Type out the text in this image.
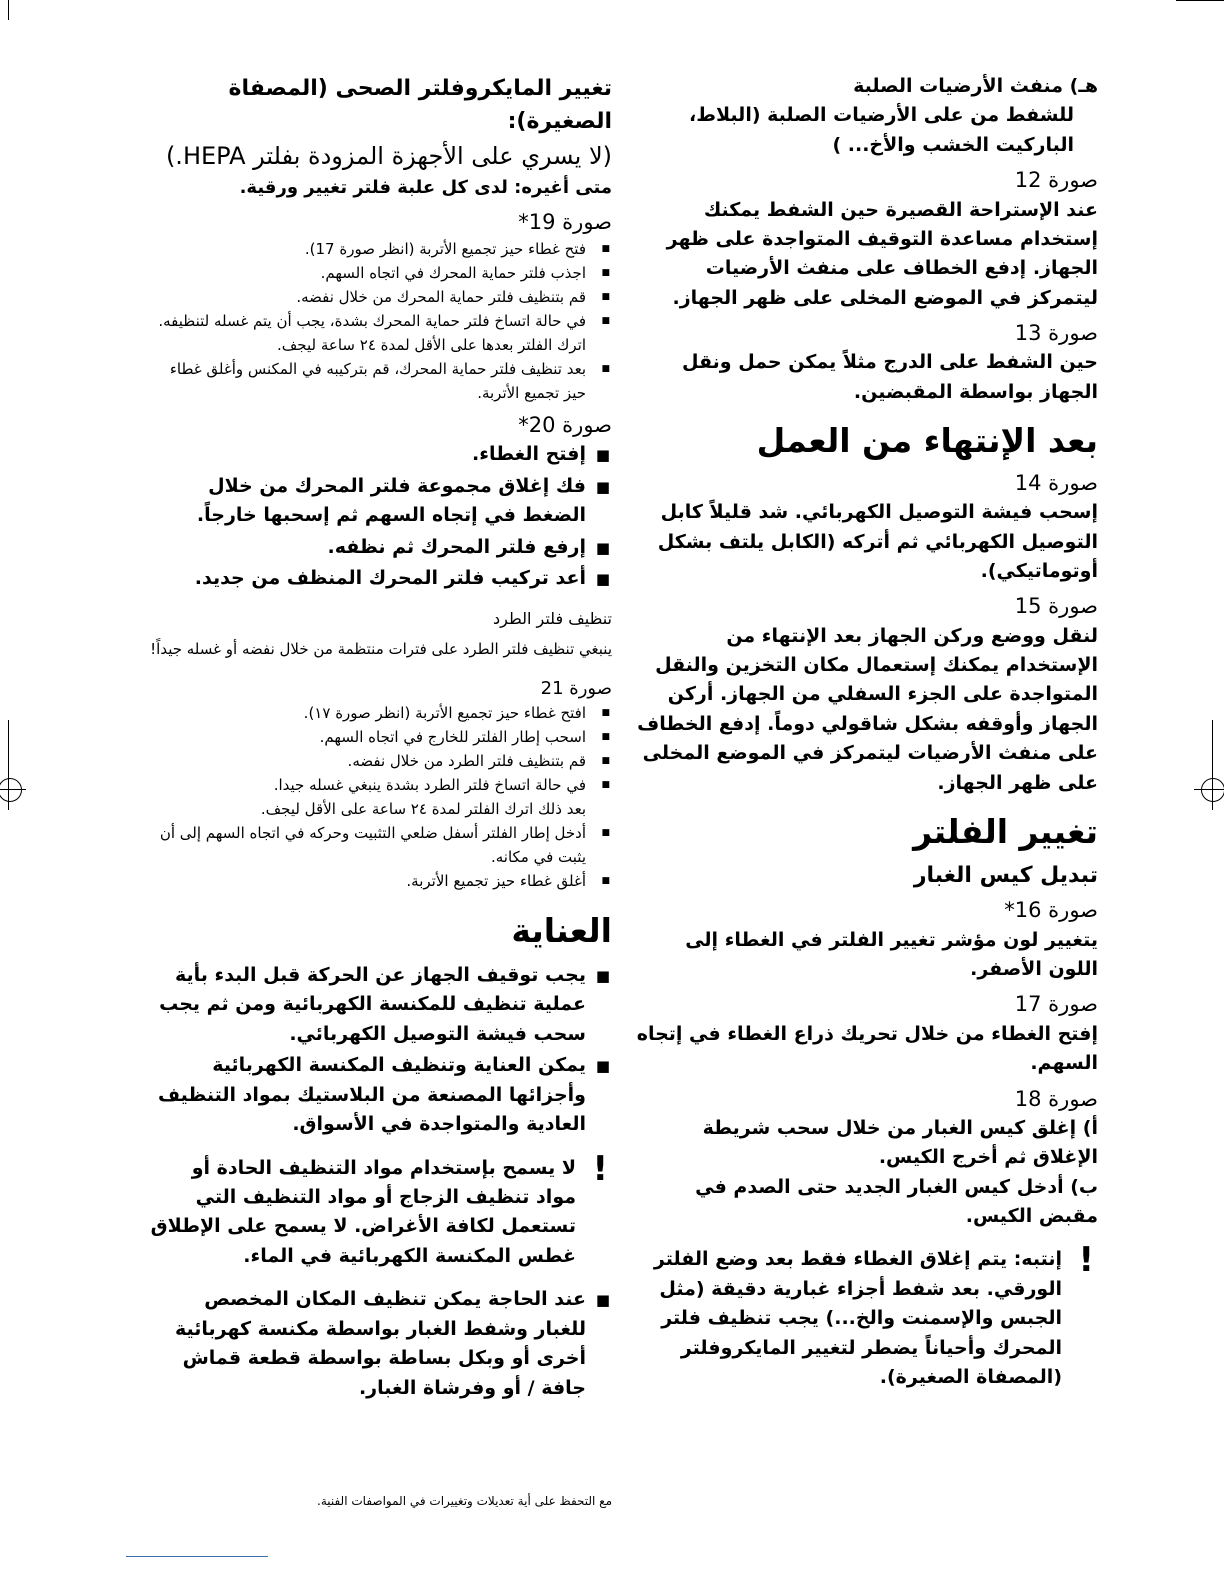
هـ) منفث الأرضيات الصلبة

للشفط من على الأرضيات الصلبة (البلاط، الباركيت الخشب والأخ... )

صورة 12

عند الإستراحة القصيرة حين الشفط يمكنك إستخدام مساعدة التوقيف المتواجدة على ظهر الجهاز. إدفع الخطاف على منفث الأرضيات ليتمركز في الموضع المخلى على ظهر الجهاز.

صورة 13

حين الشفط على الدرج مثلاً يمكن حمل ونقل الجهاز بواسطة المقبضين.

بعد الإنتهاء من العمل
صورة 14

إسحب فيشة التوصيل الكهربائي. شد قليلاً كابل التوصيل الكهربائي ثم أتركه (الكابل يلتف بشكل أوتوماتيكي).

صورة 15

لنقل ووضع وركن الجهاز بعد الإنتهاء من الإستخدام يمكنك إستعمال مكان التخزين والنقل المتواجدة على الجزء السفلي من الجهاز. أركن الجهاز وأوقفه بشكل شاقولي دوماً. إدفع الخطاف على منفث الأرضيات ليتمركز في الموضع المخلى على ظهر الجهاز.

تغيير الفلتر
تبديل كيس الغبار
صورة 16*

يتغيير لون مؤشر تغيير الفلتر في الغطاء إلى اللون الأصفر.

صورة 17

إفتح الغطاء من خلال تحريك ذراع الغطاء في إتجاه السهم.

صورة 18

أ) إغلق كيس الغبار من خلال سحب شريطة الإغلاق ثم أخرج الكيس.

ب) أدخل كيس الغبار الجديد حتى الصدم في مقبض الكيس.

!

إنتبه: يتم إغلاق الغطاء فقط بعد وضع الفلتر الورقي. بعد شفط أجزاء غبارية دقيقة (مثل الجبس والإسمنت والخ...) يجب تنظيف فلتر المحرك وأحياناً يضطر لتغيير المايكروفلتر (المصفاة الصغيرة).

تغيير المايكروفلتر الصحى (المصفاة الصغيرة):

(لا يسري على الأجهزة المزودة بفلتر HEPA.)

متى أغيره: لدى كل علبة فلتر تغيير ورقية.

صورة 19*
■
فتح غطاء حيز تجميع الأتربة (انظر صورة 17).
■
اجذب فلتر حماية المحرك في اتجاه السهم.
■
قم بتنظيف فلتر حماية المحرك من خلال نفضه.
■
في حالة اتساخ فلتر حماية المحرك بشدة، يجب أن يتم غسله لتنظيفه.
اترك الفلتر بعدها على الأقل لمدة ٢٤ ساعة ليجف.
■
بعد تنظيف فلتر حماية المحرك، قم بتركيبه في المكنس وأغلق غطاء حيز تجميع الأتربة.
صورة 20*
■
إفتح الغطاء.
■
فك إغلاق مجموعة فلتر المحرك من خلال الضغط في إتجاه السهم ثم إسحبها خارجاً.
■
إرفع فلتر المحرك ثم نظفه.
■
أعد تركيب فلتر المحرك المنظف من جديد.
تنظيف فلتر الطرد

ينبغي تنظيف فلتر الطرد على فترات منتظمة من خلال نفضه أو غسله جيداً!

صورة 21
■
افتح غطاء حيز تجميع الأتربة (انظر صورة ١٧).
■
اسحب إطار الفلتر للخارج في اتجاه السهم.
■
قم بتنظيف فلتر الطرد من خلال نفضه.
■
في حالة اتساخ فلتر الطرد بشدة ينبغي غسله جيدا.
بعد ذلك اترك الفلتر لمدة ٢٤ ساعة على الأقل ليجف.
■
أدخل إطار الفلتر أسفل ضلعي التثبيت وحركه في اتجاه السهم إلى أن يثبت في مكانه.
■
أغلق غطاء حيز تجميع الأتربة.
العناية
■
يجب توقيف الجهاز عن الحركة قبل البدء بأية عملية تنظيف للمكنسة الكهربائية ومن ثم يجب سحب فيشة التوصيل الكهربائي.
■
يمكن العناية وتنظيف المكنسة الكهربائية وأجزائها المصنعة من البلاستيك بمواد التنظيف العادية والمتواجدة في الأسواق.
!

لا يسمح بإستخدام مواد التنظيف الحادة أو مواد تنظيف الزجاج أو مواد التنظيف التي تستعمل لكافة الأغراض. لا يسمح على الإطلاق غطس المكنسة الكهربائية في الماء.

■
عند الحاجة يمكن تنظيف المكان المخصص للغبار وشفط الغبار بواسطة مكنسة كهربائية أخرى أو وبكل بساطة بواسطة قطعة قماش جافة / أو وفرشاة الغبار.
مع التحفظ على أية تعديلات وتغييرات في المواصفات الفنية.
